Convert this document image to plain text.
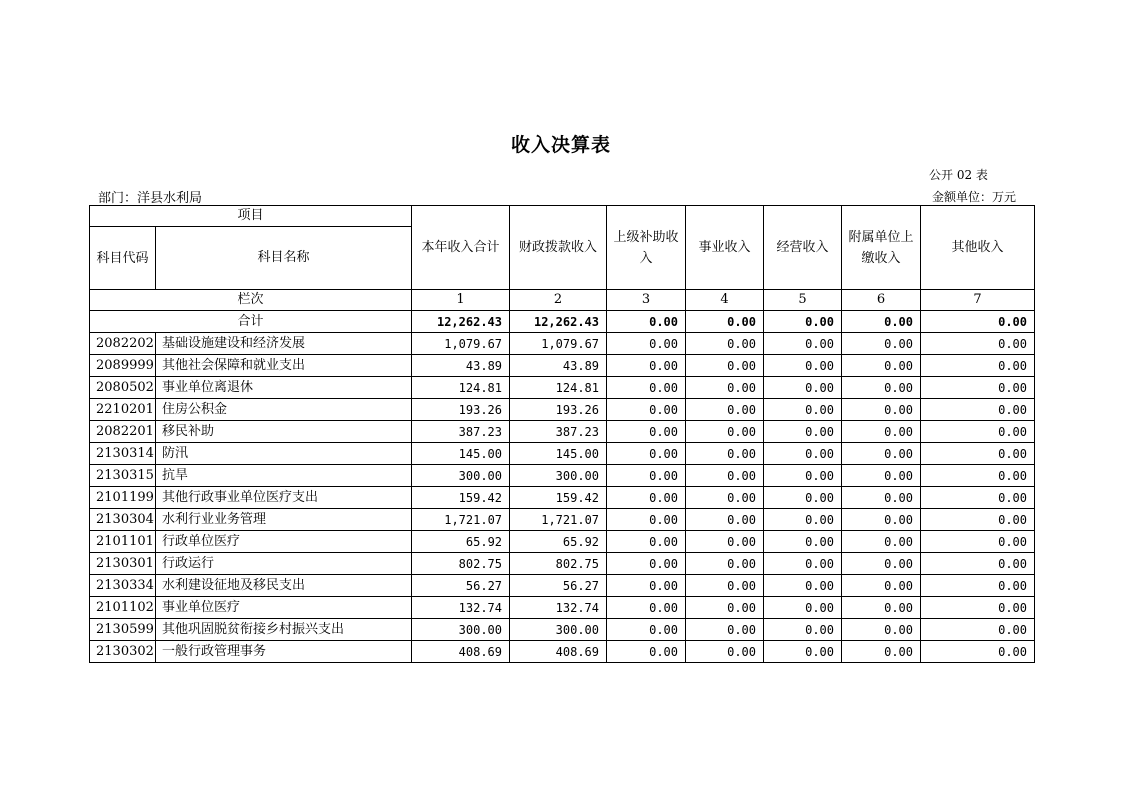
收入决算表
公开 02 表
部门：洋县水利局	金额单位：万元
项目		本年收入合计	财政拨款收入	上级补助收入	事业收入	经营收入	附属单位上缴收入	其他收入
科目代码	科目名称							
栏次		1	2	3	4	5	6	7
合计		12,262.43	12,262.43	0.00	0.00	0.00	0.00	0.00
2082202	基础设施建设和经济发展	1,079.67	1,079.67	0.00	0.00	0.00	0.00	0.00
2089999	其他社会保障和就业支出	43.89	43.89	0.00	0.00	0.00	0.00	0.00
2080502	事业单位离退休	124.81	124.81	0.00	0.00	0.00	0.00	0.00
2210201	住房公积金	193.26	193.26	0.00	0.00	0.00	0.00	0.00
2082201	移民补助	387.23	387.23	0.00	0.00	0.00	0.00	0.00
2130314	防汛	145.00	145.00	0.00	0.00	0.00	0.00	0.00
2130315	抗旱	300.00	300.00	0.00	0.00	0.00	0.00	0.00
2101199	其他行政事业单位医疗支出	159.42	159.42	0.00	0.00	0.00	0.00	0.00
2130304	水利行业业务管理	1,721.07	1,721.07	0.00	0.00	0.00	0.00	0.00
2101101	行政单位医疗	65.92	65.92	0.00	0.00	0.00	0.00	0.00
2130301	行政运行	802.75	802.75	0.00	0.00	0.00	0.00	0.00
2130334	水利建设征地及移民支出	56.27	56.27	0.00	0.00	0.00	0.00	0.00
2101102	事业单位医疗	132.74	132.74	0.00	0.00	0.00	0.00	0.00
2130599	其他巩固脱贫衔接乡村振兴支出	300.00	300.00	0.00	0.00	0.00	0.00	0.00
2130302	一般行政管理事务	408.69	408.69	0.00	0.00	0.00	0.00	0.00
